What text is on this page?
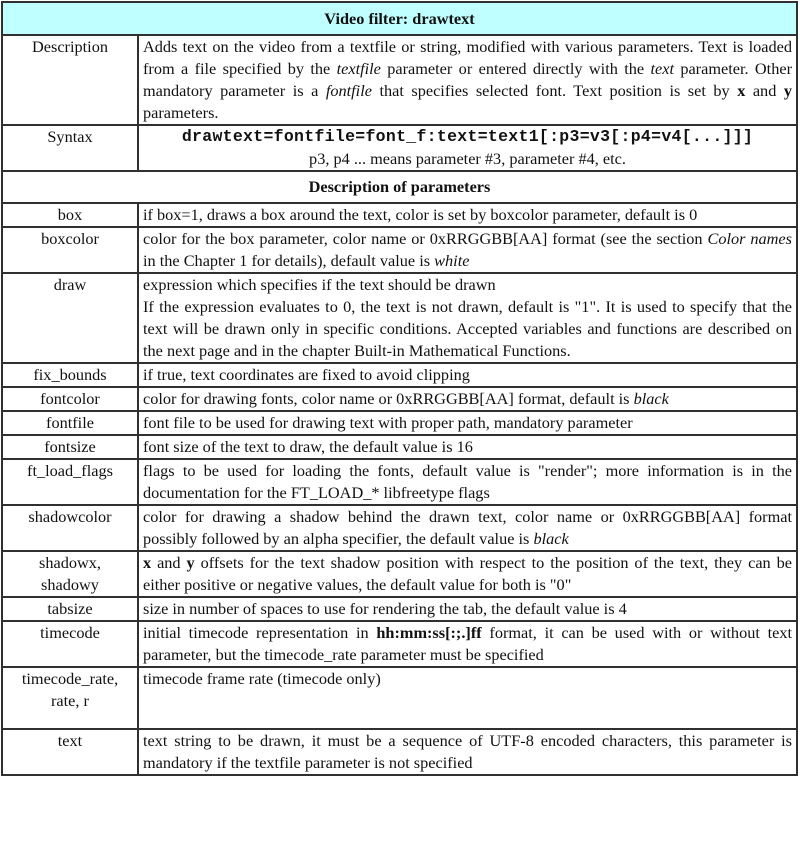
Video filter: drawtext	
Description	Adds text on the video from a textfile or string, modified with various parameters. Text is loaded from a file specified by the textfile parameter or entered directly with the text parameter. Other mandatory parameter is a fontfile that specifies selected font. Text position is set by x and y parameters.
Syntax	drawtext=fontfile=font_f:text=text1[:p3=v3[:p4=v4[...]]]
p3, p4 ... means parameter #3, parameter #4, etc.

Description of parameters	
box	if box=1, draws a box around the text, color is set by boxcolor parameter, default is 0
boxcolor	color for the box parameter, color name or 0xRRGGBB[AA] format (see the section Color names in the Chapter 1 for details), default value is white
draw	expression which specifies if the text should be drawn
If the expression evaluates to 0, the text is not drawn, default is "1". It is used to specify that the text will be drawn only in specific conditions. Accepted variables and functions are described on the next page and in the chapter Built-in Mathematical Functions.

fix_bounds	if true, text coordinates are fixed to avoid clipping
fontcolor	color for drawing fonts, color name or 0xRRGGBB[AA] format, default is black
fontfile	font file to be used for drawing text with proper path, mandatory parameter
fontsize	font size of the text to draw, the default value is 16
ft_load_flags	flags to be used for loading the fonts, default value is "render"; more information is in the documentation for the FT_LOAD_* libfreetype flags
shadowcolor	color for drawing a shadow behind the drawn text, color name or 0xRRGGBB[AA] format possibly followed by an alpha specifier, the default value is black

shadowx,
shadowy	x and y offsets for the text shadow position with respect to the position of the text, they can be either positive or negative values, the default value for both is "0"
tabsize	size in number of spaces to use for rendering the tab, the default value is 4
timecode	initial timecode representation in hh:mm:ss[:;.]ff format, it can be used with or without text parameter, but the timecode_rate parameter must be specified

timecode_rate,
rate, r	timecode frame rate (timecode only)
text	text string to be drawn, it must be a sequence of UTF-8 encoded characters, this parameter is mandatory if the textfile parameter is not specified
